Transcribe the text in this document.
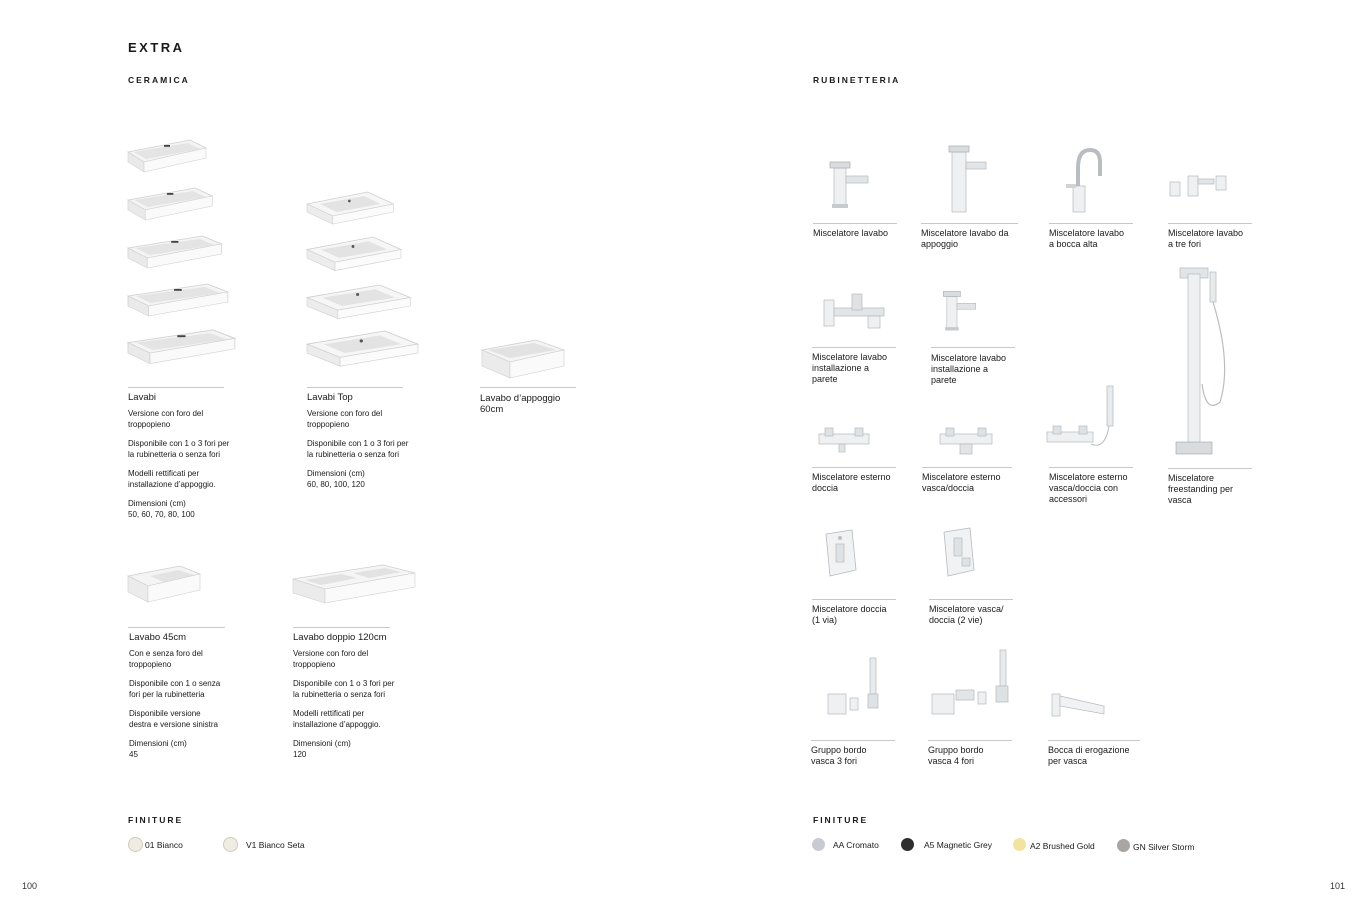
EXTRA
CERAMICA
Lavabi
Versione con foro del
troppopieno
Disponibile con 1 o 3 fori per
la rubinetteria o senza fori
Modelli rettificati per
installazione d’appoggio.
Dimensioni (cm)
50, 60, 70, 80, 100
Lavabi Top
Versione con foro del
troppopieno
Disponibile con 1 o 3 fori per
la rubinetteria o senza fori
Dimensioni (cm)
60, 80, 100, 120
Lavabo d’appoggio
60cm
Lavabo 45cm
Con e senza foro del
troppopieno
Disponibile con 1 o senza
fori per la rubinetteria
Disponibile versione
destra e versione sinistra
Dimensioni (cm)
45
Lavabo doppio 120cm
Versione con foro del
troppopieno
Disponibile con 1 o 3 fori per
la rubinetteria o senza fori
Modelli rettificati per
installazione d’appoggio.
Dimensioni (cm)
120
FINITURE
01 Bianco	V1 Bianco Seta
100
RUBINETTERIA
Miscelatore lavabo	Miscelatore lavabo da
appoggio
Miscelatore lavabo
a bocca alta
Miscelatore lavabo
a tre fori
Miscelatore lavabo
installazione a
parete
Miscelatore lavabo
installazione a
parete
Miscelatore esterno
doccia
Miscelatore esterno
vasca/doccia
Miscelatore esterno
vasca/doccia con
accessori
Miscelatore
freestanding per
vasca
Miscelatore doccia
(1 via)
Miscelatore vasca/
doccia (2 vie)
Gruppo bordo
vasca 3 fori
Gruppo bordo
vasca 4 fori
Bocca di erogazione
per vasca
FINITURE
AA Cromato	A5 Magnetic Grey	A2 Brushed Gold	GN Silver Storm
101
